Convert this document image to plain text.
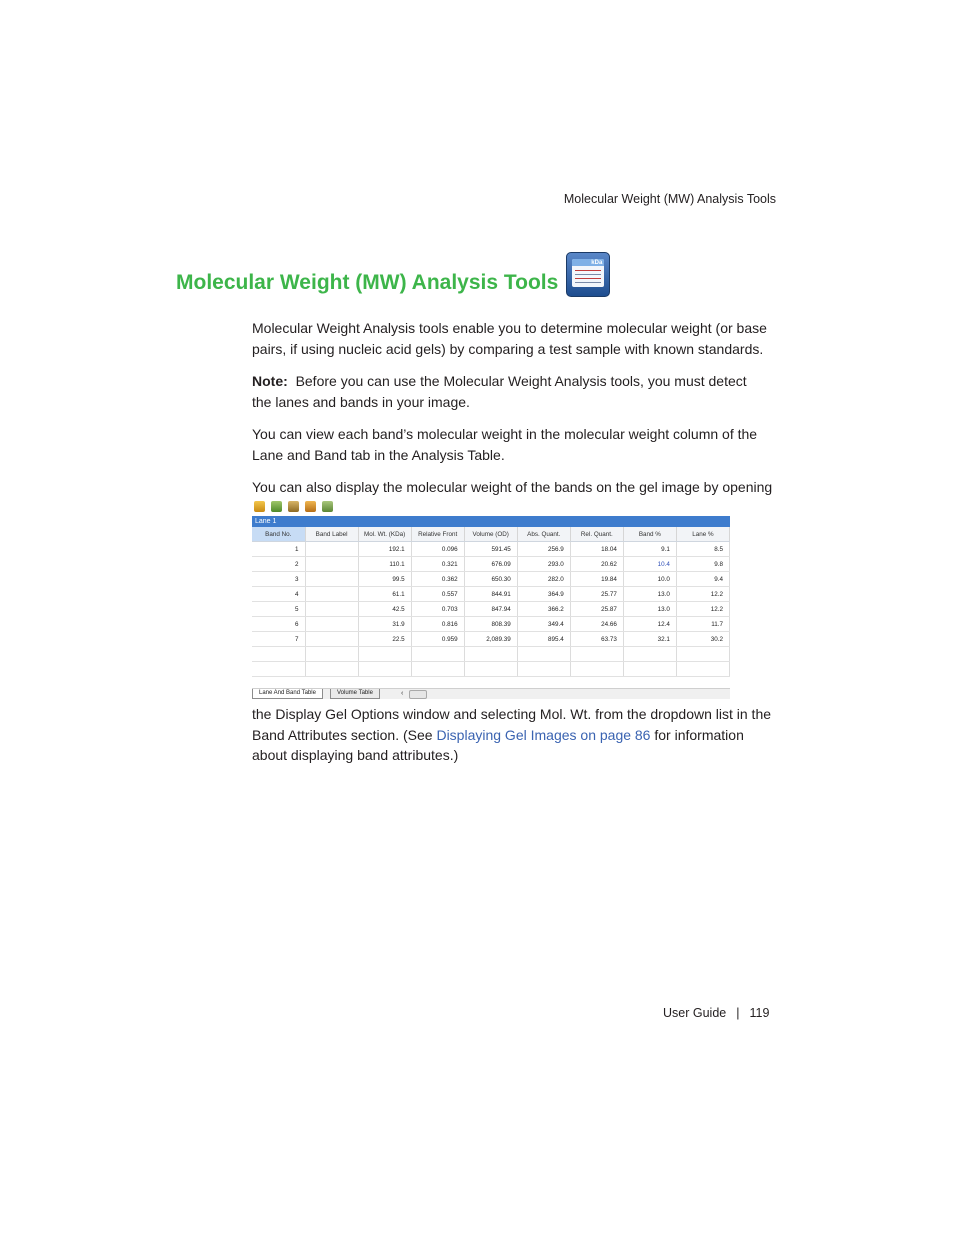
Molecular Weight (MW) Analysis Tools
Molecular Weight (MW) Analysis Tools
kDa

Molecular Weight Analysis tools enable you to determine molecular weight (or base pairs, if using nucleic acid gels) by comparing a test sample with known standards.

Note: Before you can use the Molecular Weight Analysis tools, you must detect the lanes and bands in your image.

You can view each band’s molecular weight in the molecular weight column of the Lane and Band tab in the Analysis Table.

You can also display the molecular weight of the bands on the gel image by opening

Lane 1
Band No.	Band Label	Mol. Wt. (KDa)	Relative Front	Volume (OD)	Abs. Quant.	Rel. Quant.	Band %	Lane %
1		192.1	0.096	591.45	256.9	18.04	9.1	8.5
2		110.1	0.321	676.09	293.0	20.62	10.4	9.8
3		99.5	0.362	650.30	282.0	19.84	10.0	9.4
4		61.1	0.557	844.91	364.9	25.77	13.0	12.2
5		42.5	0.703	847.94	366.2	25.87	13.0	12.2
6		31.9	0.816	808.39	349.4	24.66	12.4	11.7
7		22.5	0.959	2,089.39	895.4	63.73	32.1	30.2

Lane And Band Table	Volume Table	‹

the Display Gel Options window and selecting Mol. Wt. from the dropdown list in the Band Attributes section. (See Displaying Gel Images on page 86 for information about displaying band attributes.)

User Guide | 119
